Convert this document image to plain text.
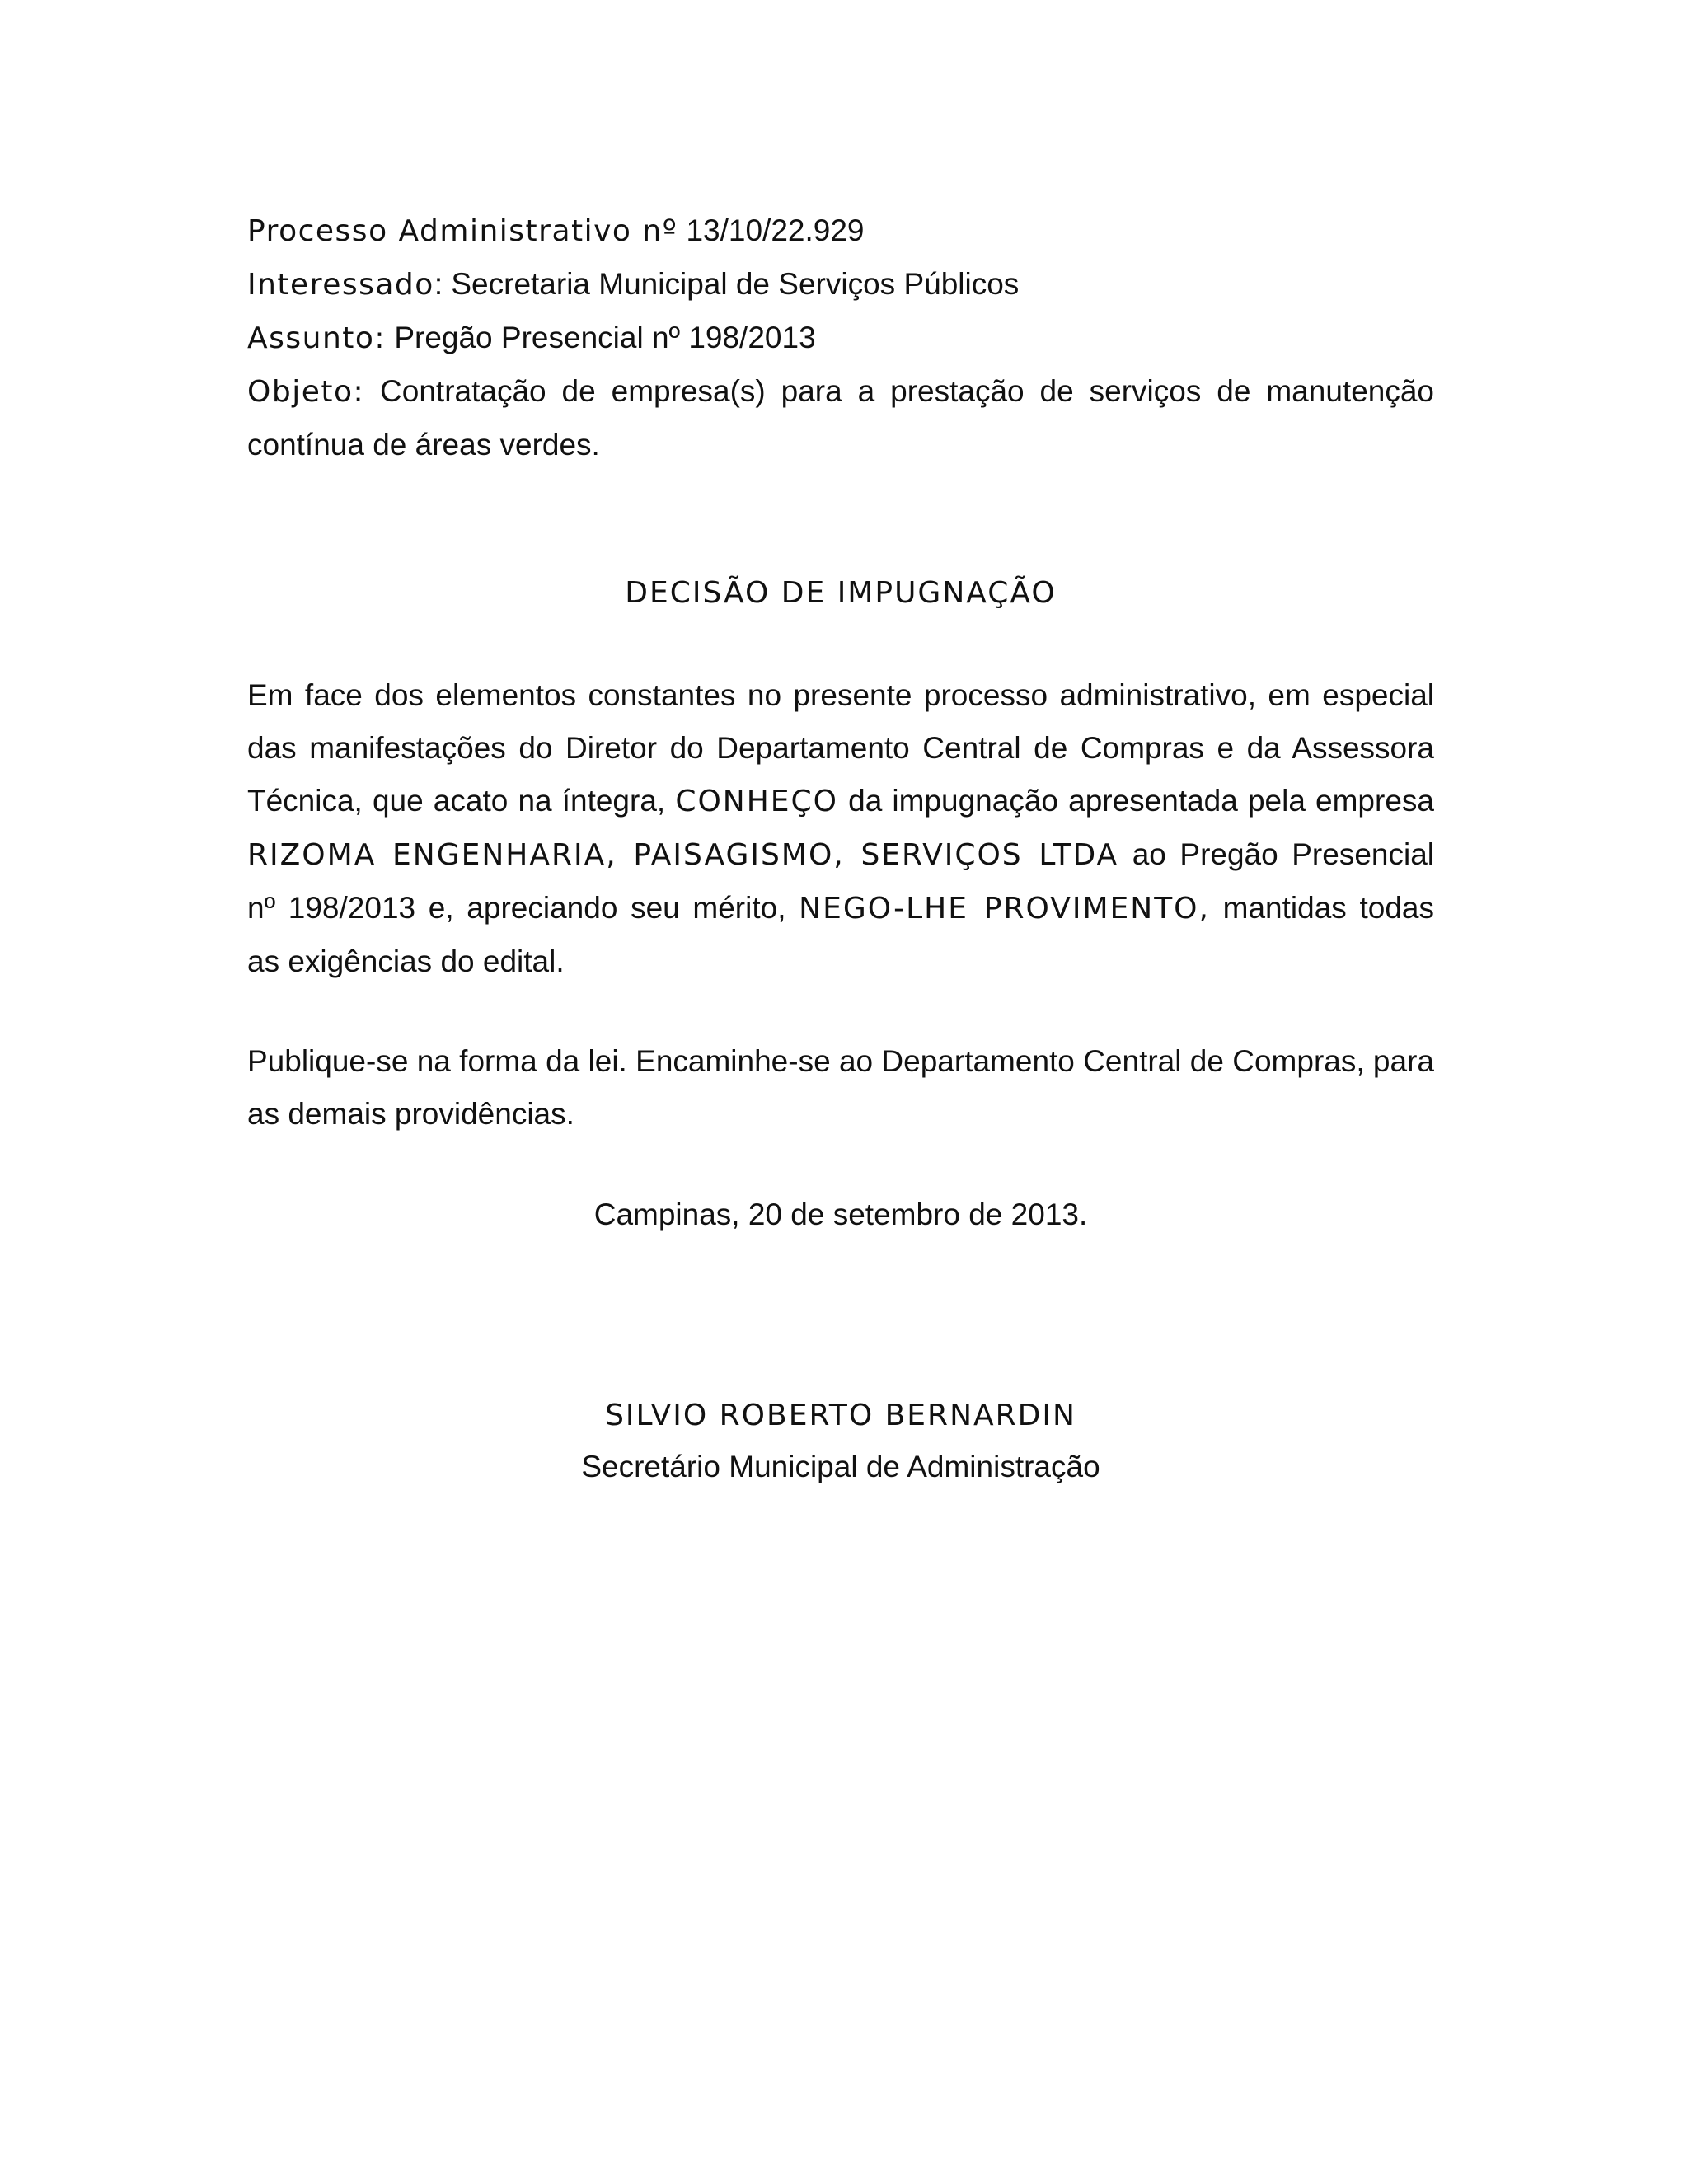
Processo Administrativo nº 13/10/22.929
Interessado: Secretaria Municipal de Serviços Públicos
Assunto: Pregão Presencial nº 198/2013
Objeto: Contratação de empresa(s) para a prestação de serviços de manutenção contínua de áreas verdes.
DECISÃO DE IMPUGNAÇÃO
Em face dos elementos constantes no presente processo administrativo, em especial das manifestações do Diretor do Departamento Central de Compras e da Assessora Técnica, que acato na íntegra, CONHEÇO da impugnação apresentada pela empresa RIZOMA ENGENHARIA, PAISAGISMO, SERVIÇOS LTDA ao Pregão Presencial nº 198/2013 e, apreciando seu mérito, NEGO-LHE PROVIMENTO, mantidas todas as exigências do edital.
Publique-se na forma da lei. Encaminhe-se ao Departamento Central de Compras, para as demais providências.
Campinas, 20 de setembro de 2013.
SILVIO ROBERTO BERNARDIN
Secretário Municipal de Administração
